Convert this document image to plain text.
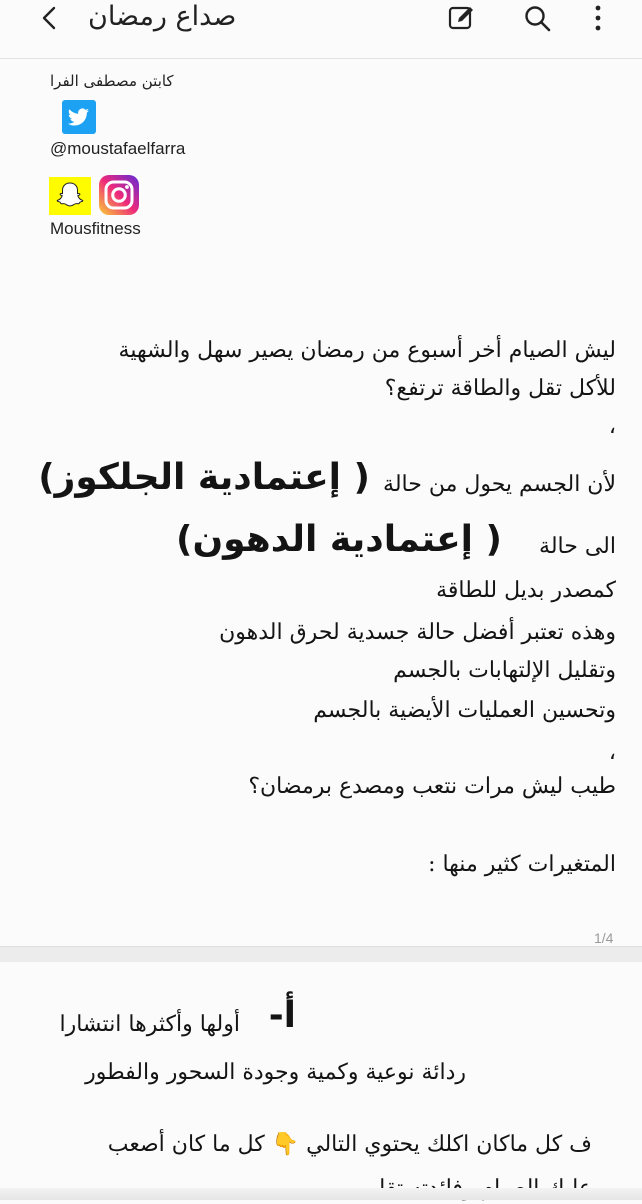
صداع رمضان
كابتن مصطفى الفرا
@moustafaelfarra
Mousfitness
ليش الصيام أخر أسبوع من رمضان يصير سهل والشهية
للأكل تقل والطاقة ترتفع؟
،
لأن الجسم يحول من حالة
( إعتمادية الجلكوز)
الى حالة
( إعتمادية الدهون)
كمصدر بديل للطاقة
وهذه تعتبر أفضل حالة جسدية لحرق الدهون
وتقليل الإلتهابات بالجسم
وتحسين العمليات الأيضية بالجسم
،
طيب ليش مرات نتعب ومصدع برمضان؟
المتغيرات كثير منها :
1/4
أ-
أولها وأكثرها انتشارا
ردائة نوعية وكمية وجودة السحور والفطور
ف كل ماكان اكلك يحتوي التالي 👇 كل ما كان أصعب
